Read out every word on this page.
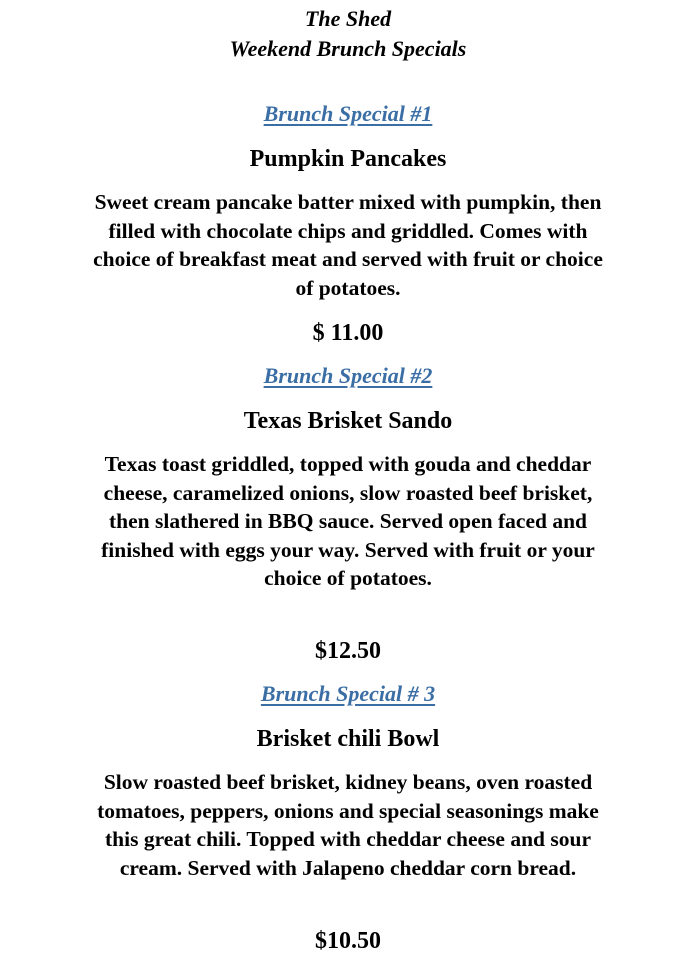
The Shed
Weekend Brunch Specials
Brunch Special #1
Pumpkin Pancakes
Sweet cream pancake batter mixed with pumpkin, then filled with chocolate chips and griddled. Comes with choice of breakfast meat and served with fruit or choice of potatoes.
$ 11.00
Brunch Special #2
Texas Brisket Sando
Texas toast griddled, topped with gouda and cheddar cheese, caramelized onions, slow roasted beef brisket, then slathered in BBQ sauce. Served open faced and finished with eggs your way. Served with fruit or your choice of potatoes.
$12.50
Brunch Special # 3
Brisket chili Bowl
Slow roasted beef brisket, kidney beans, oven roasted tomatoes, peppers, onions and special seasonings make this great chili. Topped with cheddar cheese and sour cream. Served with Jalapeno cheddar corn bread.
$10.50
